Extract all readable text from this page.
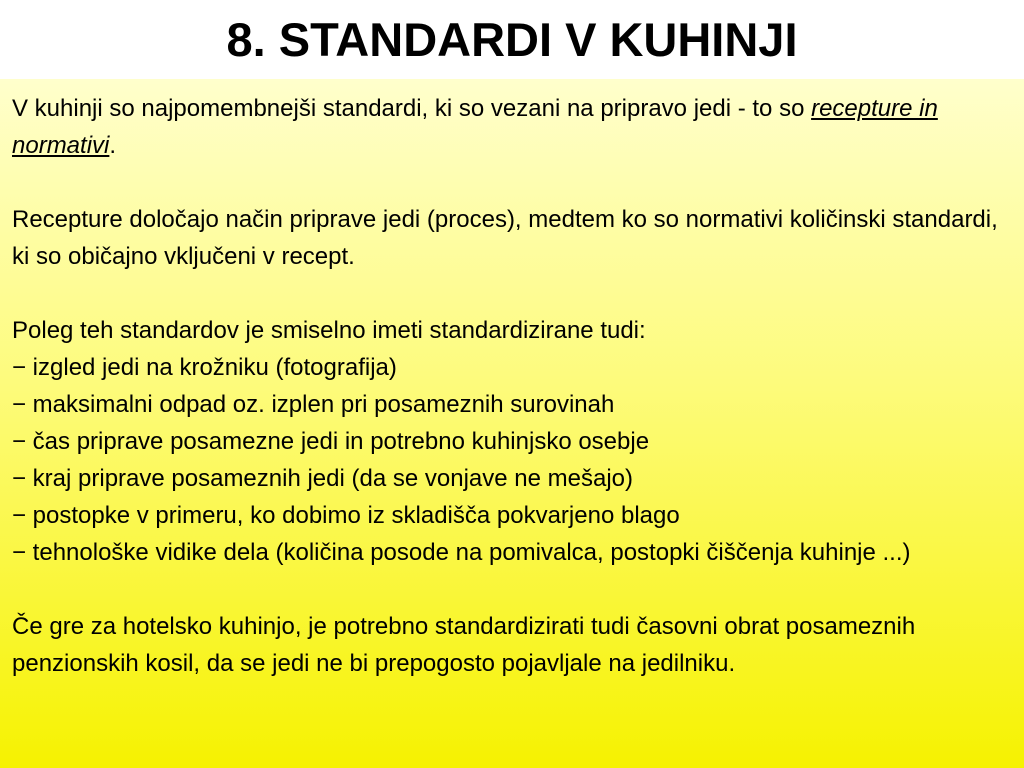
8. STANDARDI V KUHINJI

V kuhinji so najpomembnejši standardi, ki so vezani na pripravo jedi - to so recepture in normativi.

Recepture določajo način priprave jedi (proces), medtem ko so normativi količinski standardi, ki so običajno vključeni v recept.

Poleg teh standardov je smiselno imeti standardizirane tudi:
− izgled jedi na krožniku (fotografija)
− maksimalni odpad oz. izplen pri posameznih surovinah
− čas priprave posamezne jedi in potrebno kuhinjsko osebje
− kraj priprave posameznih jedi (da se vonjave ne mešajo)
− postopke v primeru, ko dobimo iz skladišča pokvarjeno blago
− tehnološke vidike dela (količina posode na pomivalca, postopki čiščenja kuhinje ...)

Če gre za hotelsko kuhinjo, je potrebno standardizirati tudi časovni obrat posameznih penzionskih kosil, da se jedi ne bi prepogosto pojavljale na jedilniku.
